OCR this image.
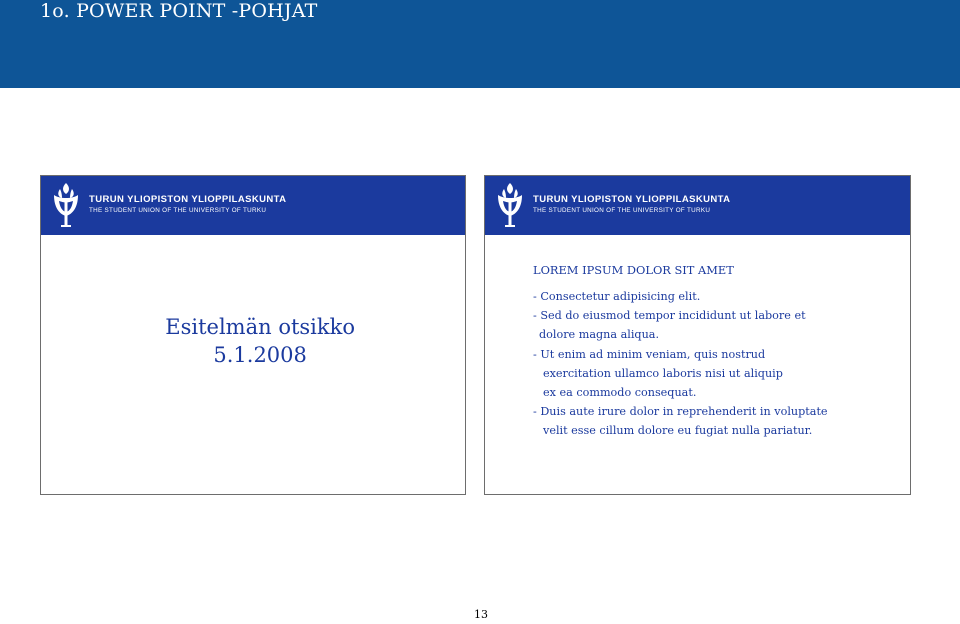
1o. POWER POINT -POHJAT
TURUN YLIOPISTON YLIOPPILASKUNTA
THE STUDENT UNION OF THE UNIVERSITY OF TURKU
Esitelmän otsikko
5.1.2008
TURUN YLIOPISTON YLIOPPILASKUNTA
THE STUDENT UNION OF THE UNIVERSITY OF TURKU
LOREM IPSUM DOLOR SIT AMET
- Consectetur adipisicing elit.
- Sed do eiusmod tempor incididunt ut labore et
dolore magna aliqua.
- Ut enim ad minim veniam, quis nostrud
exercitation ullamco laboris nisi ut aliquip
ex ea commodo consequat.
- Duis aute irure dolor in reprehenderit in voluptate
velit esse cillum dolore eu fugiat nulla pariatur.
13
